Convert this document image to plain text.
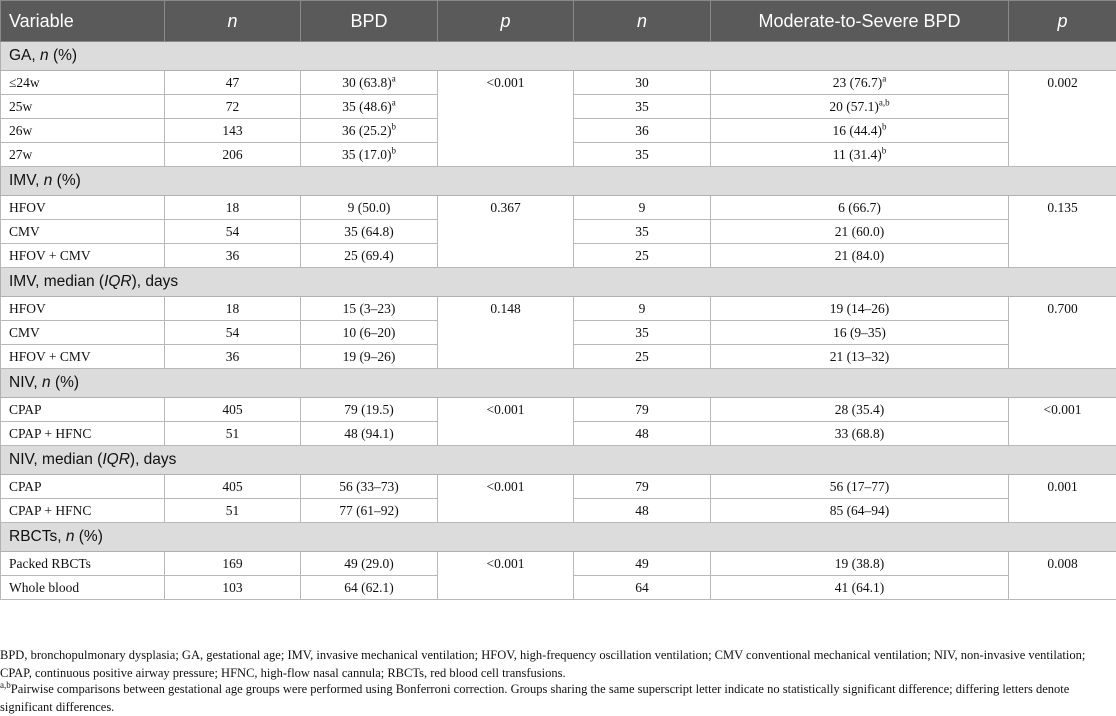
Variable	n	BPD	p	n	Moderate-to-Severe BPD	p
GA, n (%)						
≤24w	47	30 $(63.8)^a$	<0.001	30	23 $(76.7)^a$	0.002
25w	72	35 $(48.6)^a$		35	20 $(57.1)^{a,b}$
26w	143	36 $(25.2)^b$		36	16 $(44.4)^b$
27w	206	35 $(17.0)^b$		35	11 $(31.4)^b$
IMV, n (%)						
HFOV	18	9 (50.0)	0.367	9	6 (66.7)	0.135
CMV	54	35 (64.8)		35	21 (60.0)	
HFOV + CMV	36	25 (69.4)		25	21 (84.0)	
IMV, median (IQR), days						
HFOV	18	15 (3–23)	0.148	9	19 (14–26)	0.700
CMV	54	10 (6–20)		35	16 (9–35)	
HFOV + CMV	36	19 (9–26)		25	21 (13–32)	
NIV, n (%)						
CPAP	405	79 (19.5)	<0.001	79	28 (35.4)	<0.001
CPAP + HFNC	51	48 (94.1)		48	33 (68.8)	
NIV, median (IQR), days						
CPAP	405	56 (33–73)	<0.001	79	56 (17–77)	0.001
CPAP + HFNC	51	77 (61–92)		48	85 (64–94)	
RBCTs, n (%)						
Packed RBCTs	169	49 (29.0)	<0.001	49	19 (38.8)	0.008
Whole blood	103	64 (62.1)		64	41 (64.1)	
BPD, bronchopulmonary dysplasia; GA, gestational age; IMV, invasive mechanical ventilation; HFOV, high-frequency oscillation ventilation; CMV conventional mechanical ventilation; NIV, non-invasive ventilation; CPAP, continuous positive airway pressure; HFNC, high-flow nasal cannula; RBCTs, red blood cell transfusions.
$^{a,b}$Pairwise comparisons between gestational age groups were performed using Bonferroni correction. Groups sharing the same superscript letter indicate no statistically significant difference; differing letters denote significant differences.
